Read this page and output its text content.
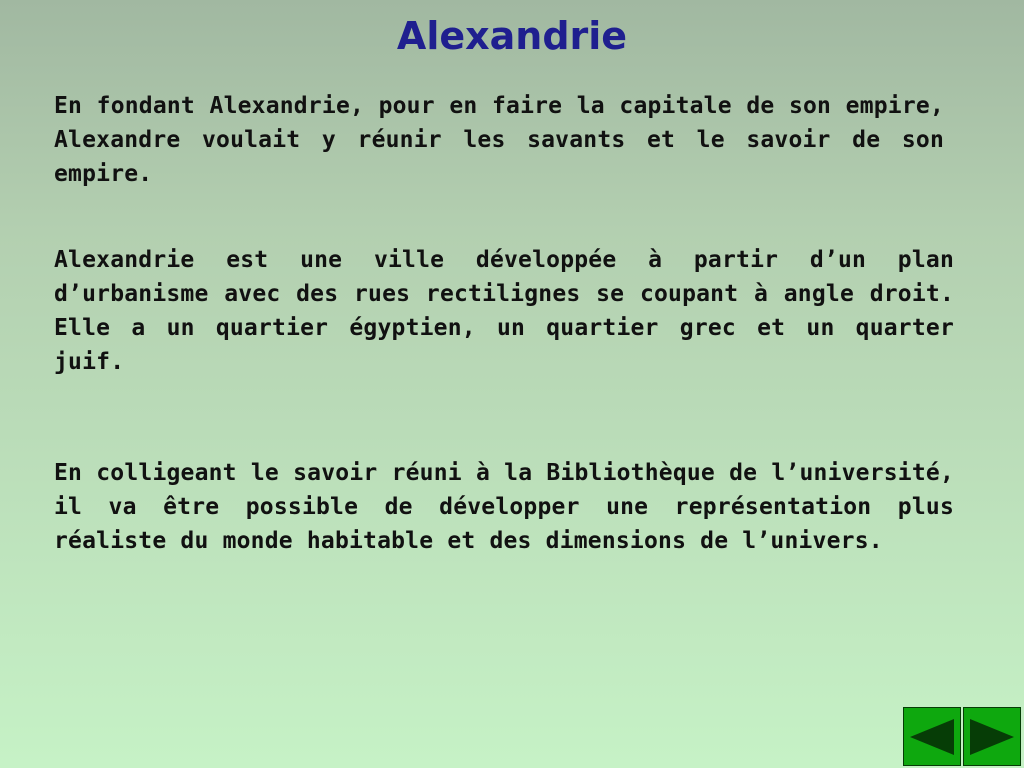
Alexandrie

En fondant Alexandrie, pour en faire la capitale de son empire, Alexandre voulait y réunir les savants et le savoir de son empire.

Alexandrie est une ville développée à partir d’un plan d’urbanisme avec des rues rectilignes se coupant à angle droit. Elle a un quartier égyptien, un quartier grec et un quarter juif.

En colligeant le savoir réuni à la Bibliothèque de l’université, il va être possible de développer une représentation plus réaliste du monde habitable et des dimensions de l’univers.
